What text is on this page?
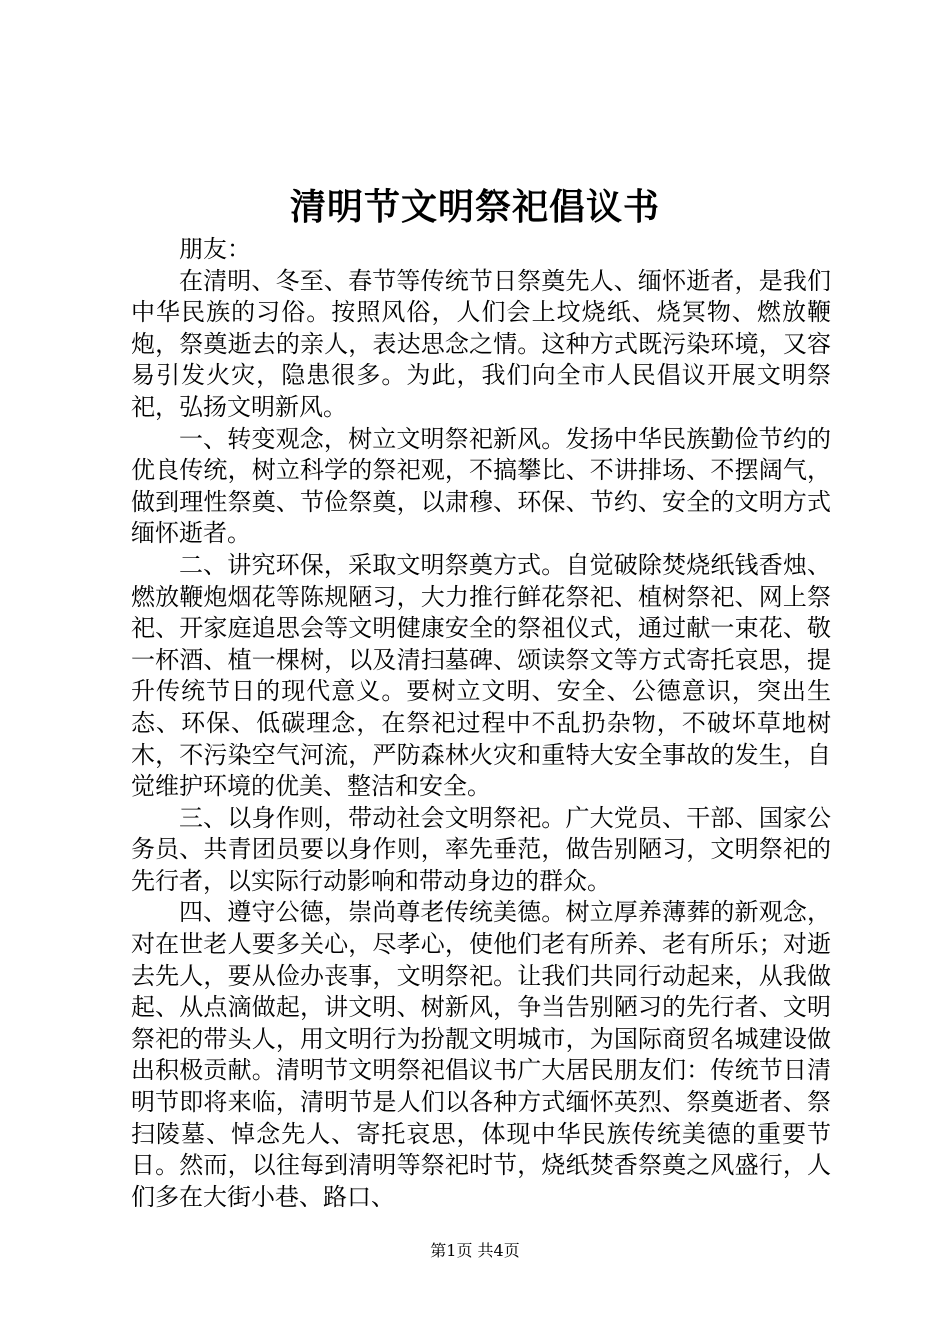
清明节文明祭祀倡议书

朋友：

在清明、冬至、春节等传统节日祭奠先人、缅怀逝者，是我们中华民族的习俗。按照风俗，人们会上坟烧纸、烧冥物、燃放鞭炮，祭奠逝去的亲人，表达思念之情。这种方式既污染环境，又容易引发火灾，隐患很多。为此，我们向全市人民倡议开展文明祭祀，弘扬文明新风。

一、转变观念，树立文明祭祀新风。发扬中华民族勤俭节约的优良传统，树立科学的祭祀观，不搞攀比、不讲排场、不摆阔气，做到理性祭奠、节俭祭奠，以肃穆、环保、节约、安全的文明方式缅怀逝者。

二、讲究环保，采取文明祭奠方式。自觉破除焚烧纸钱香烛、燃放鞭炮烟花等陈规陋习，大力推行鲜花祭祀、植树祭祀、网上祭祀、开家庭追思会等文明健康安全的祭祖仪式，通过献一束花、敬一杯酒、植一棵树，以及清扫墓碑、颂读祭文等方式寄托哀思，提升传统节日的现代意义。要树立文明、安全、公德意识，突出生态、环保、低碳理念，在祭祀过程中不乱扔杂物，不破坏草地树木，不污染空气河流，严防森林火灾和重特大安全事故的发生，自觉维护环境的优美、整洁和安全。

三、以身作则，带动社会文明祭祀。广大党员、干部、国家公务员、共青团员要以身作则，率先垂范，做告别陋习，文明祭祀的先行者，以实际行动影响和带动身边的群众。

四、遵守公德，崇尚尊老传统美德。树立厚养薄葬的新观念，对在世老人要多关心，尽孝心，使他们老有所养、老有所乐；对逝去先人，要从俭办丧事，文明祭祀。让我们共同行动起来，从我做起、从点滴做起，讲文明、树新风，争当告别陋习的先行者、文明祭祀的带头人，用文明行为扮靓文明城市，为国际商贸名城建设做出积极贡献。清明节文明祭祀倡议书广大居民朋友们：传统节日清明节即将来临，清明节是人们以各种方式缅怀英烈、祭奠逝者、祭扫陵墓、悼念先人、寄托哀思，体现中华民族传统美德的重要节日。然而，以往每到清明等祭祀时节，烧纸焚香祭奠之风盛行，人们多在大街小巷、路口、

第1页 共4页
